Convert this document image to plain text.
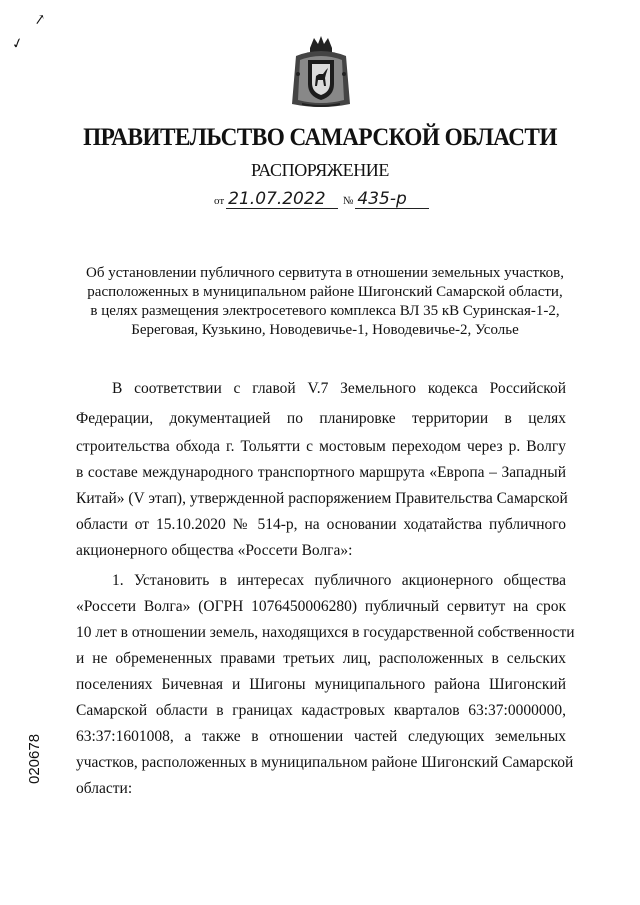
↗
✓
ПРАВИТЕЛЬСТВО САМАРСКОЙ ОБЛАСТИ
РАСПОРЯЖЕНИЕ
от 21.07.2022 № 435-р
Об установлении публичного сервитута в отношении земельных участков,
расположенных в муниципальном районе Шигонский Самарской области,
в целях размещения электросетевого комплекса ВЛ 35 кВ Суринская-1-2,
Береговая, Кузькино, Новодевичье-1, Новодевичье-2, Усолье
В соответствии с главой V.7 Земельного кодекса Российской
Федерации, документацией по планировке территории в целях
строительства обхода г. Тольятти с мостовым переходом через р. Волгу
в составе международного транспортного маршрута «Европа – Западный
Китай» (V этап), утвержденной распоряжением Правительства Самарской
области от 15.10.2020 № 514-р, на основании ходатайства публичного
акционерного общества «Россети Волга»:
1. Установить в интересах публичного акционерного общества
«Россети Волга» (ОГРН 1076450006280) публичный сервитут на срок
10 лет в отношении земель, находящихся в государственной собственности
и не обремененных правами третьих лиц, расположенных в сельских
поселениях Бичевная и Шигоны муниципального района Шигонский
Самарской области в границах кадастровых кварталов 63:37:0000000,
63:37:1601008, а также в отношении частей следующих земельных
участков, расположенных в муниципальном районе Шигонский Самарской
области:
020678
